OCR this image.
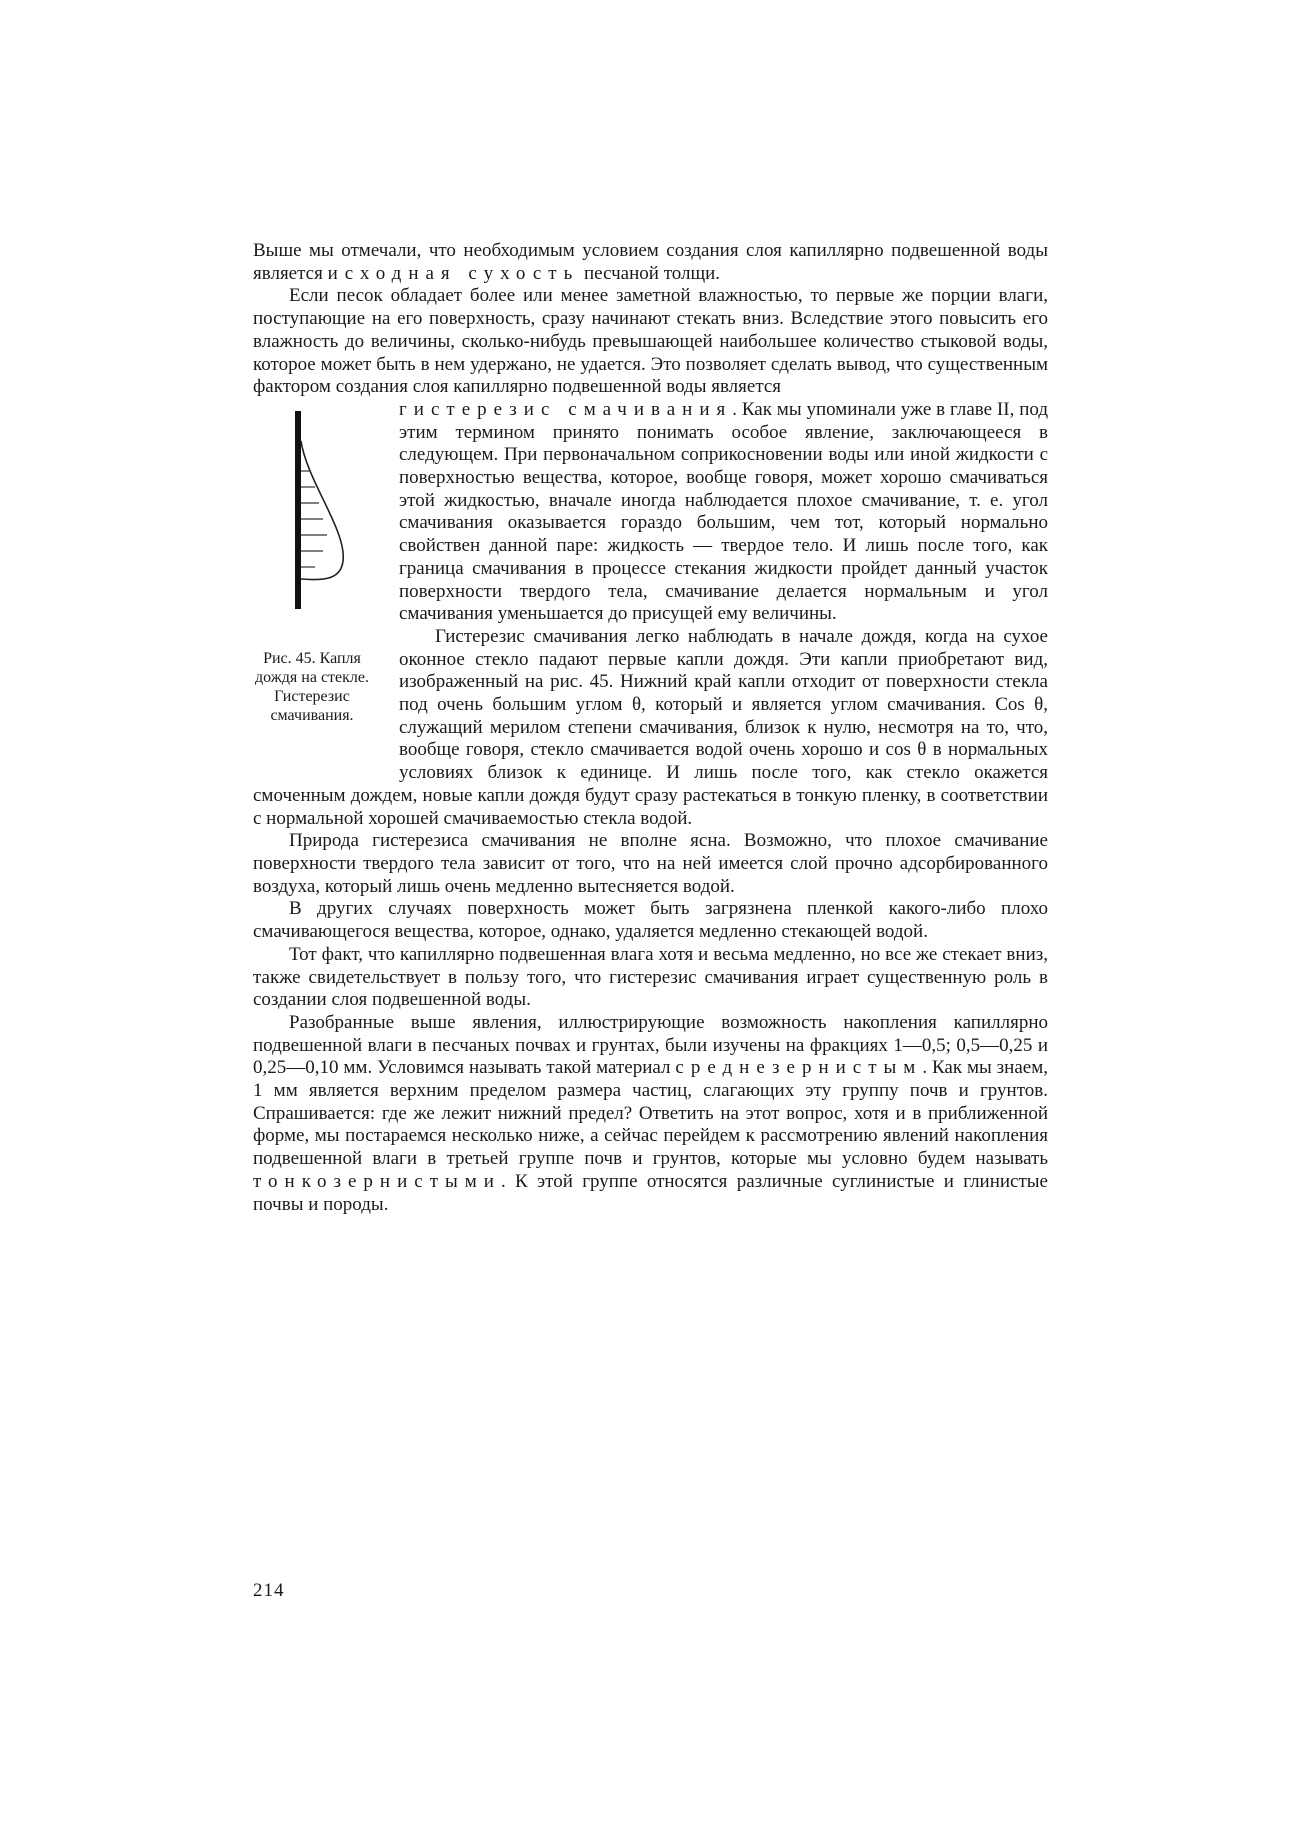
Выше мы отмечали, что необходимым условием создания слоя капиллярно подвешенной воды является исходная сухость песчаной толщи.

Если песок обладает более или менее заметной влажностью, то первые же порции влаги, поступающие на его поверхность, сразу начинают стекать вниз. Вследствие этого повысить его влажность до величины, сколько-нибудь превышающей наибольшее количество стыковой воды, которое может быть в нем удержано, не удается. Это позволяет сделать вывод, что существенным фактором создания слоя капиллярно подвешенной воды является

Рис. 45. Капля дождя на стекле. Гистерезис смачивания.

гистерезис смачивания. Как мы упоминали уже в главе II, под этим термином принято понимать особое явление, заключающееся в следующем. При первоначальном соприкосновении воды или иной жидкости с поверхностью вещества, которое, вообще говоря, может хорошо смачиваться этой жидкостью, вначале иногда наблюдается плохое смачивание, т. е. угол смачивания оказывается гораздо большим, чем тот, который нормально свойствен данной паре: жидкость — твердое тело. И лишь после того, как граница смачивания в процессе стекания жидкости пройдет данный участок поверхности твердого тела, смачивание делается нормальным и угол смачивания уменьшается до присущей ему величины.

Гистерезис смачивания легко наблюдать в начале дождя, когда на сухое оконное стекло падают первые капли дождя. Эти капли приобретают вид, изображенный на рис. 45. Нижний край капли отходит от поверхности стекла под очень большим углом θ, который и является углом смачивания. Cos θ, служащий мерилом степени смачивания, близок к нулю, несмотря на то, что, вообще говоря, стекло смачивается водой очень хорошо и cos θ в нормальных условиях близок к единице. И лишь после того, как стекло окажется смоченным дождем, новые капли дождя будут сразу растекаться в тонкую пленку, в соответствии с нормальной хорошей смачиваемостью стекла водой.

Природа гистерезиса смачивания не вполне ясна. Возможно, что плохое смачивание поверхности твердого тела зависит от того, что на ней имеется слой прочно адсорбированного воздуха, который лишь очень медленно вытесняется водой.

В других случаях поверхность может быть загрязнена пленкой какого-либо плохо смачивающегося вещества, которое, однако, удаляется медленно стекающей водой.

Тот факт, что капиллярно подвешенная влага хотя и весьма медленно, но все же стекает вниз, также свидетельствует в пользу того, что гистерезис смачивания играет существенную роль в создании слоя подвешенной воды.

Разобранные выше явления, иллюстрирующие возможность накопления капиллярно подвешенной влаги в песчаных почвах и грунтах, были изучены на фракциях 1—0,5; 0,5—0,25 и 0,25—0,10 мм. Условимся называть такой материал среднезернистым. Как мы знаем, 1 мм является верхним пределом размера частиц, слагающих эту группу почв и грунтов. Спрашивается: где же лежит нижний предел? Ответить на этот вопрос, хотя и в приближенной форме, мы постараемся несколько ниже, а сейчас перейдем к рассмотрению явлений накопления подвешенной влаги в третьей группе почв и грунтов, которые мы условно будем называть тонкозернистыми. К этой группе относятся различные суглинистые и глинистые почвы и породы.

214
